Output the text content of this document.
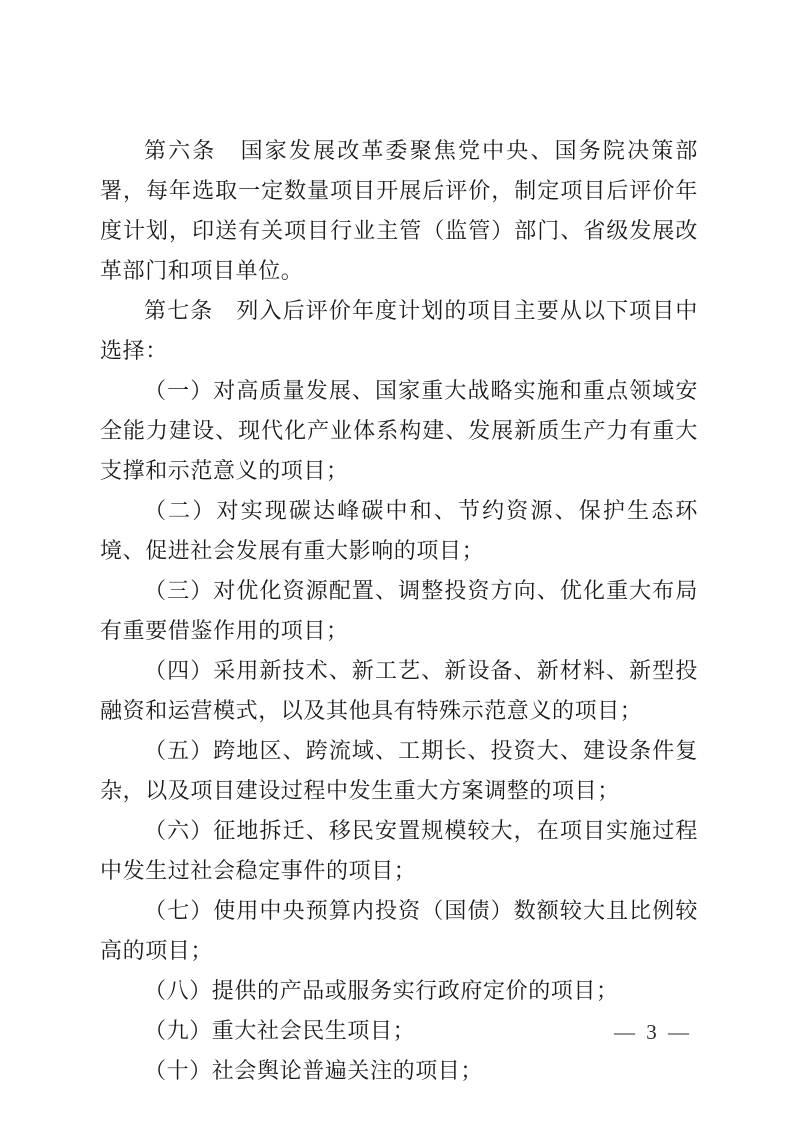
第六条　国家发展改革委聚焦党中央、国务院决策部署，每年选取一定数量项目开展后评价，制定项目后评价年度计划，印送有关项目行业主管（监管）部门、省级发展改革部门和项目单位。

第七条　列入后评价年度计划的项目主要从以下项目中选择：

（一）对高质量发展、国家重大战略实施和重点领域安全能力建设、现代化产业体系构建、发展新质生产力有重大支撑和示范意义的项目；

（二）对实现碳达峰碳中和、节约资源、保护生态环境、促进社会发展有重大影响的项目；

（三）对优化资源配置、调整投资方向、优化重大布局有重要借鉴作用的项目；

（四）采用新技术、新工艺、新设备、新材料、新型投融资和运营模式，以及其他具有特殊示范意义的项目；

（五）跨地区、跨流域、工期长、投资大、建设条件复杂，以及项目建设过程中发生重大方案调整的项目；

（六）征地拆迁、移民安置规模较大，在项目实施过程中发生过社会稳定事件的项目；

（七）使用中央预算内投资（国债）数额较大且比例较高的项目；

（八）提供的产品或服务实行政府定价的项目；

（九）重大社会民生项目；

（十）社会舆论普遍关注的项目；

— 3 —
